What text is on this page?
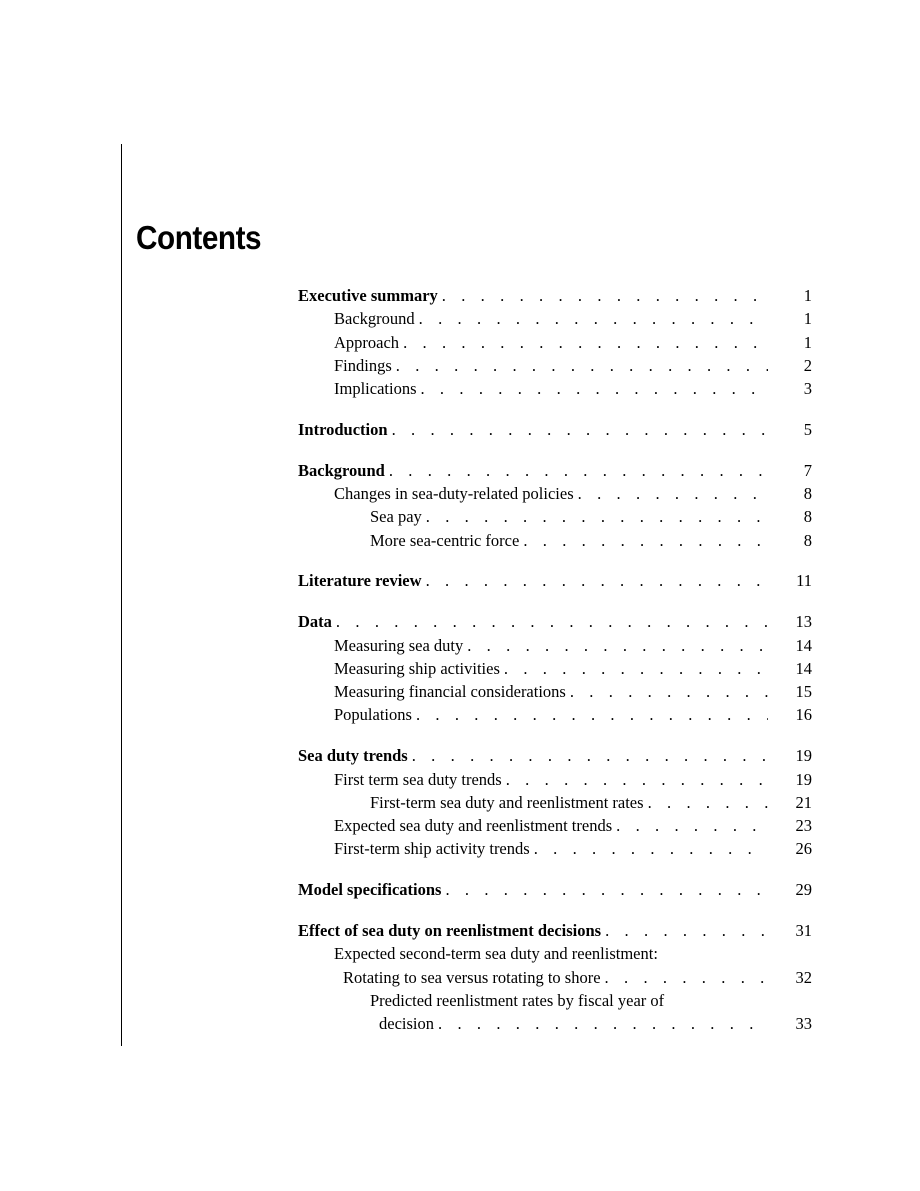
Contents
Executive summary . . .	1
Background . . .	1
Approach . . .	1
Findings . . .	2
Implications . . .	3
Introduction . . .	5
Background . . .	7
Changes in sea-duty-related policies . . .	8
Sea pay . . .	8
More sea-centric force . . .	8
Literature review . . .	11
Data . . .	13
Measuring sea duty . . .	14
Measuring ship activities . . .	14
Measuring financial considerations . . .	15
Populations . . .	16
Sea duty trends . . .	19
First term sea duty trends . . .	19
First-term sea duty and reenlistment rates . . .	21
Expected sea duty and reenlistment trends . . .	23
First-term ship activity trends . . .	26
Model specifications . . .	29
Effect of sea duty on reenlistment decisions . . .	31
Expected second-term sea duty and reenlistment:
Rotating to sea versus rotating to shore . . .	32
Predicted reenlistment rates by fiscal year of
decision . . .	33
